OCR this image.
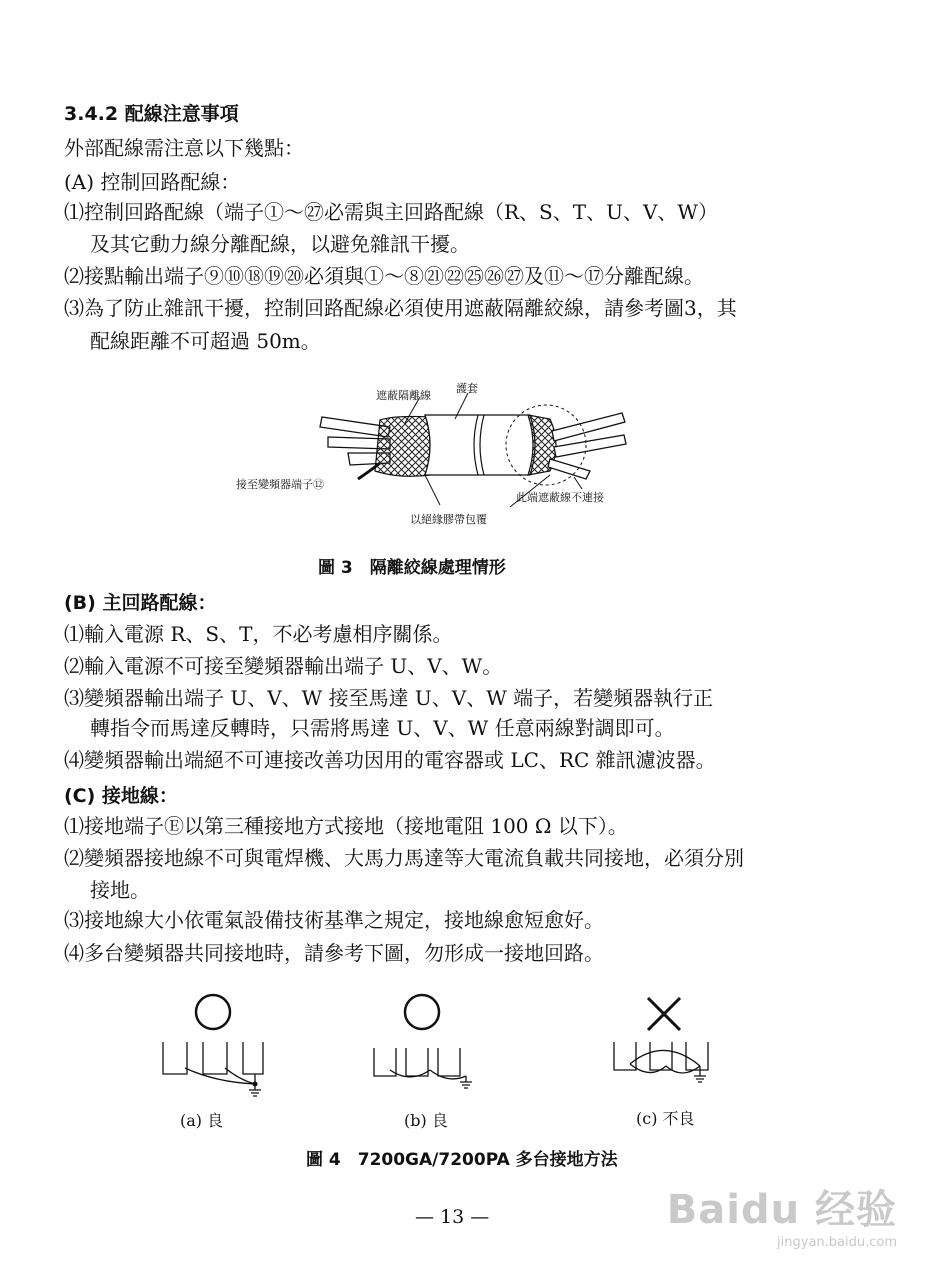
3.4.2 配線注意事項
外部配線需注意以下幾點：
(A) 控制回路配線：
⑴控制回路配線（端子①～㉗必需與主回路配線（R、S、T、U、V、W）
及其它動力線分離配線，以避免雜訊干擾。
⑵接點輸出端子⑨⑩⑱⑲⑳必須與①～⑧㉑㉒㉕㉖㉗及⑪～⑰分離配線。
⑶為了防止雜訊干擾，控制回路配線必須使用遮蔽隔離絞線，請參考圖3，其
配線距離不可超過 50m。
遮蔽隔離線
護套
接至變頻器端子⑫
此端遮蔽線不連接
以絕緣膠帶包覆
圖 3　隔離絞線處理情形
(B) 主回路配線：
⑴輸入電源 R、S、T，不必考慮相序關係。
⑵輸入電源不可接至變頻器輸出端子 U、V、W。
⑶變頻器輸出端子 U、V、W 接至馬達 U、V、W 端子，若變頻器執行正
轉指令而馬達反轉時，只需將馬達 U、V、W 任意兩線對調即可。
⑷變頻器輸出端絕不可連接改善功因用的電容器或 LC、RC 雜訊濾波器。
(C) 接地線：
⑴接地端子Ⓔ以第三種接地方式接地（接地電阻 100 Ω 以下）。
⑵變頻器接地線不可與電焊機、大馬力馬達等大電流負載共同接地，必須分別
接地。
⑶接地線大小依電氣設備技術基準之規定，接地線愈短愈好。
⑷多台變頻器共同接地時，請參考下圖，勿形成一接地回路。
(a) 良	(b) 良	(c) 不良
圖 4　7200GA/7200PA 多台接地方法
— 13 —	Baidu 经验
jingyan.baidu.com
